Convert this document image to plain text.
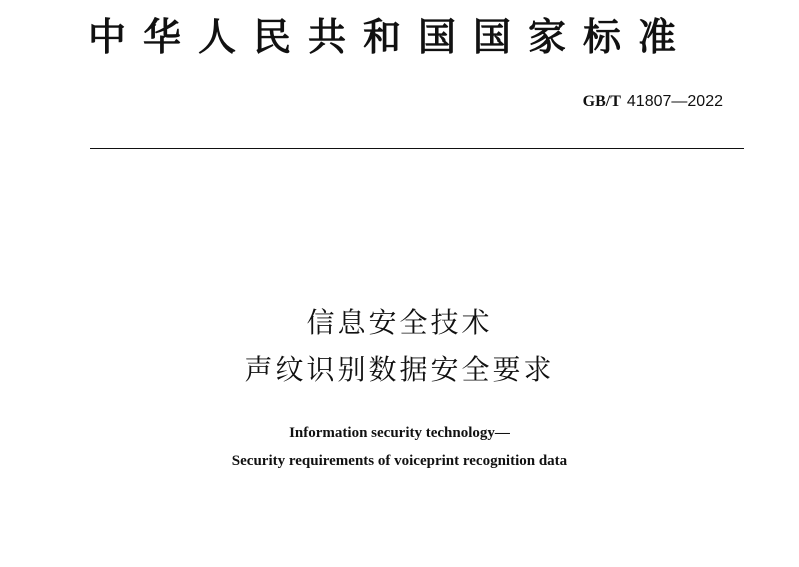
中华人民共和国国家标准
GB/T 41807—2022
信息安全技术
声纹识别数据安全要求
Information security technology—
Security requirements of voiceprint recognition data
